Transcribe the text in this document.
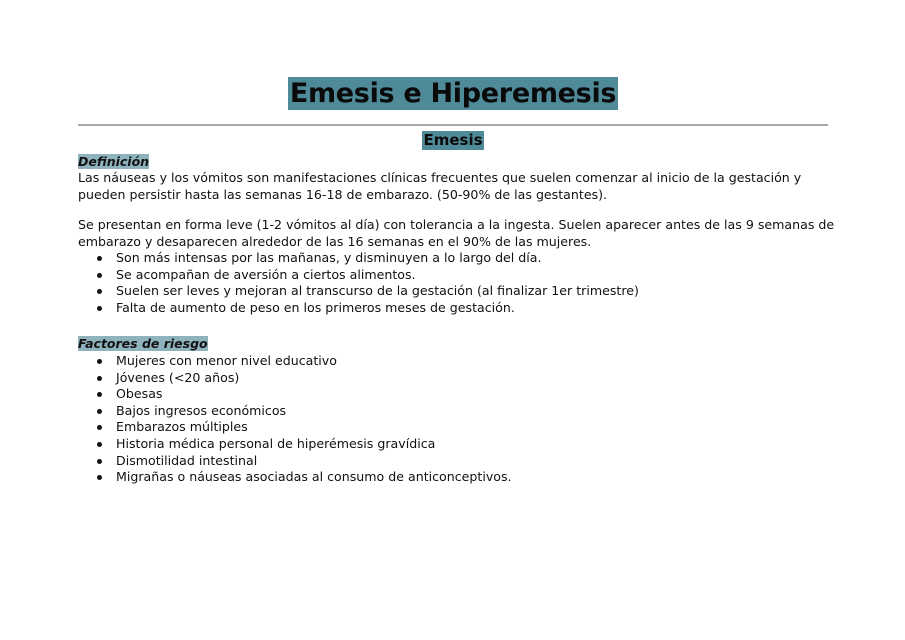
Emesis e Hiperemesis
Emesis
Definición
Las náuseas y los vómitos son manifestaciones clínicas frecuentes que suelen comenzar al inicio de la gestación y pueden persistir hasta las semanas 16-18 de embarazo. (50-90% de las gestantes).
Se presentan en forma leve (1-2 vómitos al día) con tolerancia a la ingesta. Suelen aparecer antes de las 9 semanas de embarazo y desaparecen alrededor de las 16 semanas en el 90% de las mujeres.
Son más intensas por las mañanas, y disminuyen a lo largo del día.
Se acompañan de aversión a ciertos alimentos.
Suelen ser leves y mejoran al transcurso de la gestación (al finalizar 1er trimestre)
Falta de aumento de peso en los primeros meses de gestación.
Factores de riesgo
Mujeres con menor nivel educativo
Jóvenes (<20 años)
Obesas
Bajos ingresos económicos
Embarazos múltiples
Historia médica personal de hiperémesis gravídica
Dismotilidad intestinal
Migrañas o náuseas asociadas al consumo de anticonceptivos.
